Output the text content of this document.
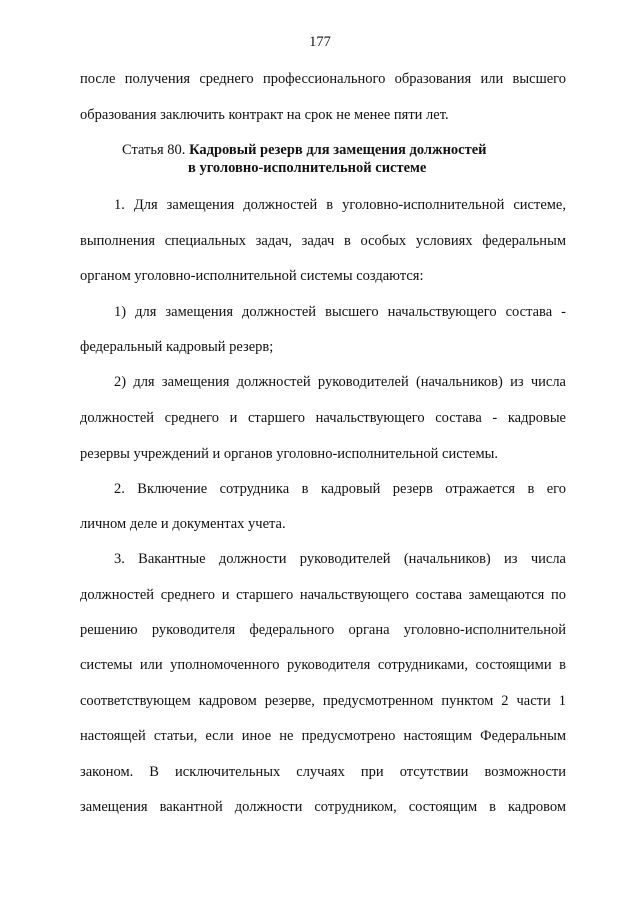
177
после получения среднего профессионального образования или высшего
образования заключить контракт на срок не менее пяти лет.
Статья 80. Кадровый резерв для замещения должностей
в уголовно-исполнительной системе
1. Для замещения должностей в уголовно-исполнительной системе,
выполнения специальных задач, задач в особых условиях федеральным
органом уголовно-исполнительной системы создаются:
1) для замещения должностей высшего начальствующего состава -
федеральный кадровый резерв;
2) для замещения должностей руководителей (начальников) из числа
должностей среднего и старшего начальствующего состава - кадровые
резервы учреждений и органов уголовно-исполнительной системы.
2. Включение сотрудника в кадровый резерв отражается в его
личном деле и документах учета.
3. Вакантные должности руководителей (начальников) из числа
должностей среднего и старшего начальствующего состава замещаются по
решению руководителя федерального органа уголовно-исполнительной
системы или уполномоченного руководителя сотрудниками, состоящими в
соответствующем кадровом резерве, предусмотренном пунктом 2 части 1
настоящей статьи, если иное не предусмотрено настоящим Федеральным
законом. В исключительных случаях при отсутствии возможности
замещения вакантной должности сотрудником, состоящим в кадровом
